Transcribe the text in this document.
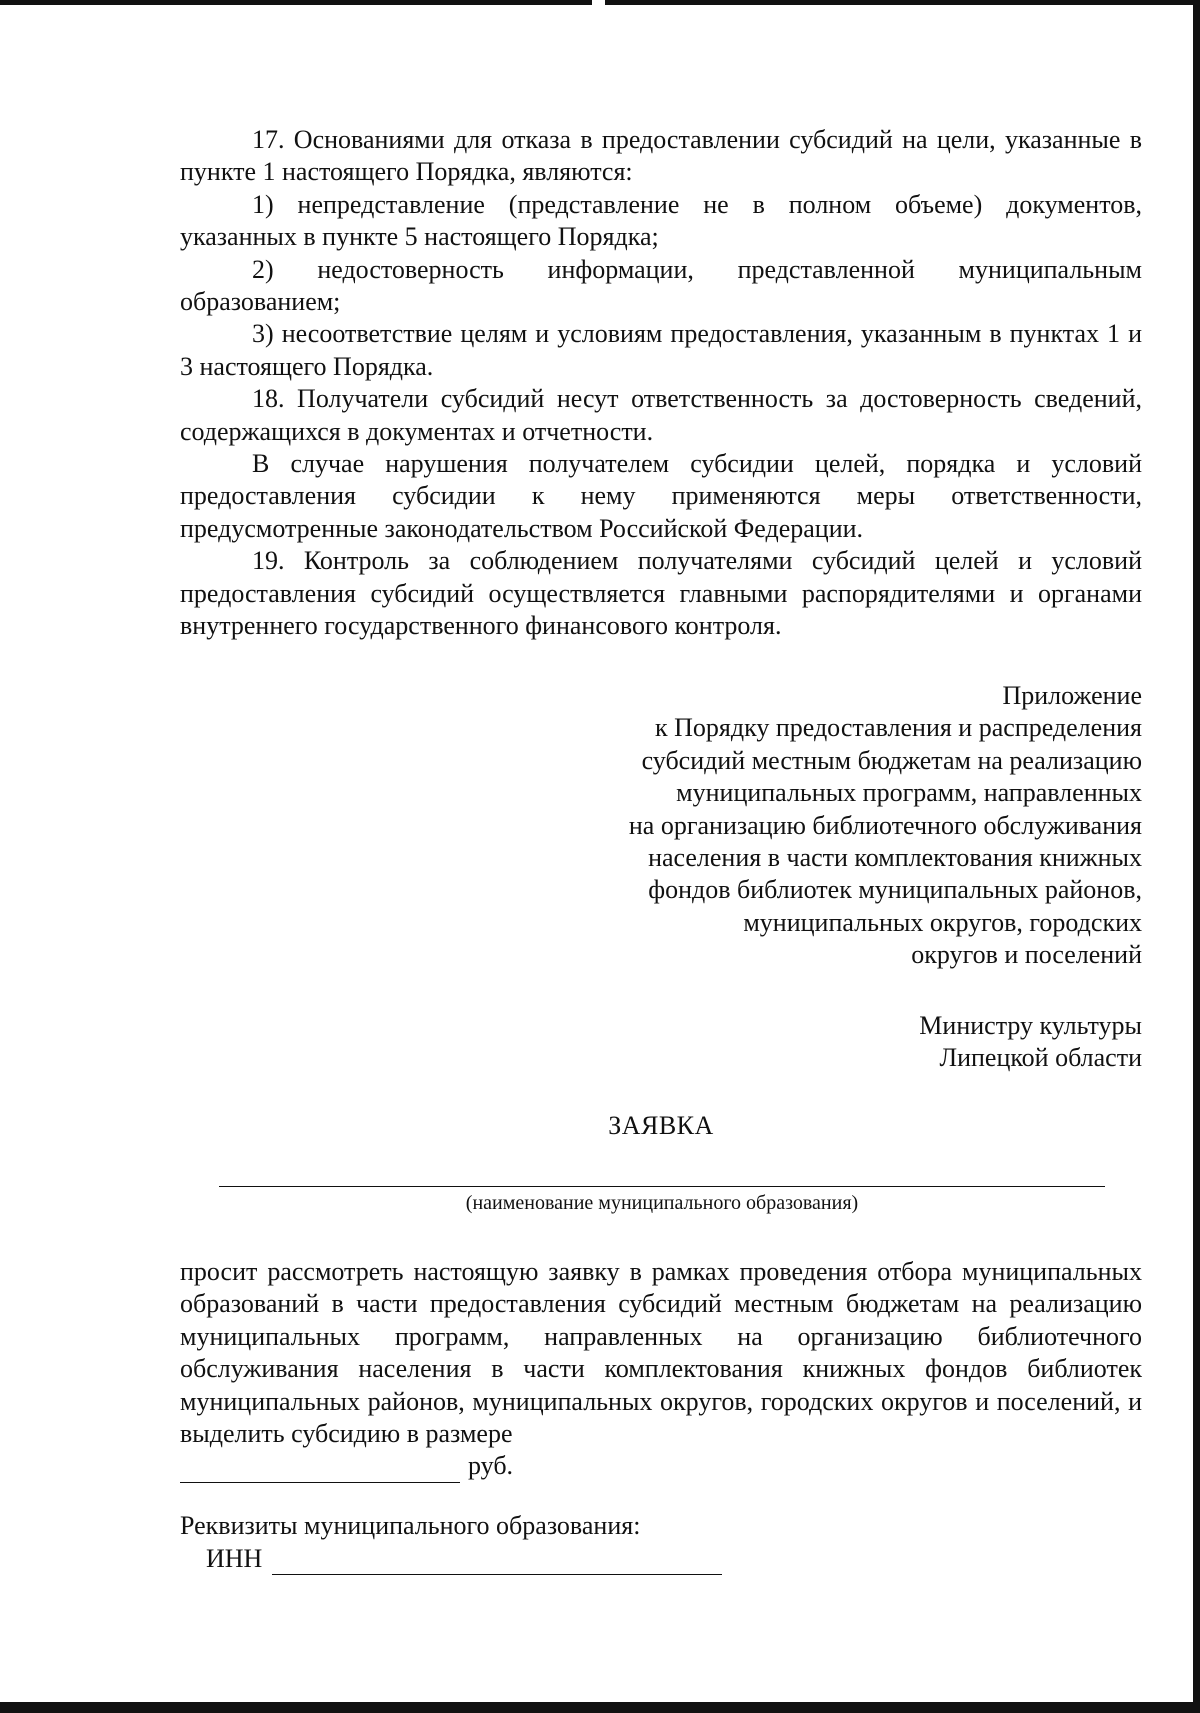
17. Основаниями для отказа в предоставлении субсидий на цели, указанные в пункте 1 настоящего Порядка, являются:

1) непредставление (представление не в полном объеме) документов, указанных в пункте 5 настоящего Порядка;

2) недостоверность информации, представленной муниципальным образованием;

3) несоответствие целям и условиям предоставления, указанным в пунктах 1 и 3 настоящего Порядка.

18. Получатели субсидий несут ответственность за достоверность сведений, содержащихся в документах и отчетности.

В случае нарушения получателем субсидии целей, порядка и условий предоставления субсидии к нему применяются меры ответственности, предусмотренные законодательством Российской Федерации.

19. Контроль за соблюдением получателями субсидий целей и условий предоставления субсидий осуществляется главными распорядителями и органами внутреннего государственного финансового контроля.

Приложение
к Порядку предоставления и распределения
субсидий местным бюджетам на реализацию
муниципальных программ, направленных
на организацию библиотечного обслуживания
населения в части комплектования книжных
фондов библиотек муниципальных районов,
муниципальных округов, городских
округов и поселений
Министру культуры
Липецкой области
ЗАЯВКА
(наименование муниципального образования)

просит рассмотреть настоящую заявку в рамках проведения отбора муниципальных образований в части предоставления субсидий местным бюджетам на реализацию муниципальных программ, направленных на организацию библиотечного обслуживания населения в части комплектования книжных фондов библиотек муниципальных районов, муниципальных округов, городских округов и поселений, и выделить субсидию в размере

руб.
Реквизиты муниципального образования:
ИНН
